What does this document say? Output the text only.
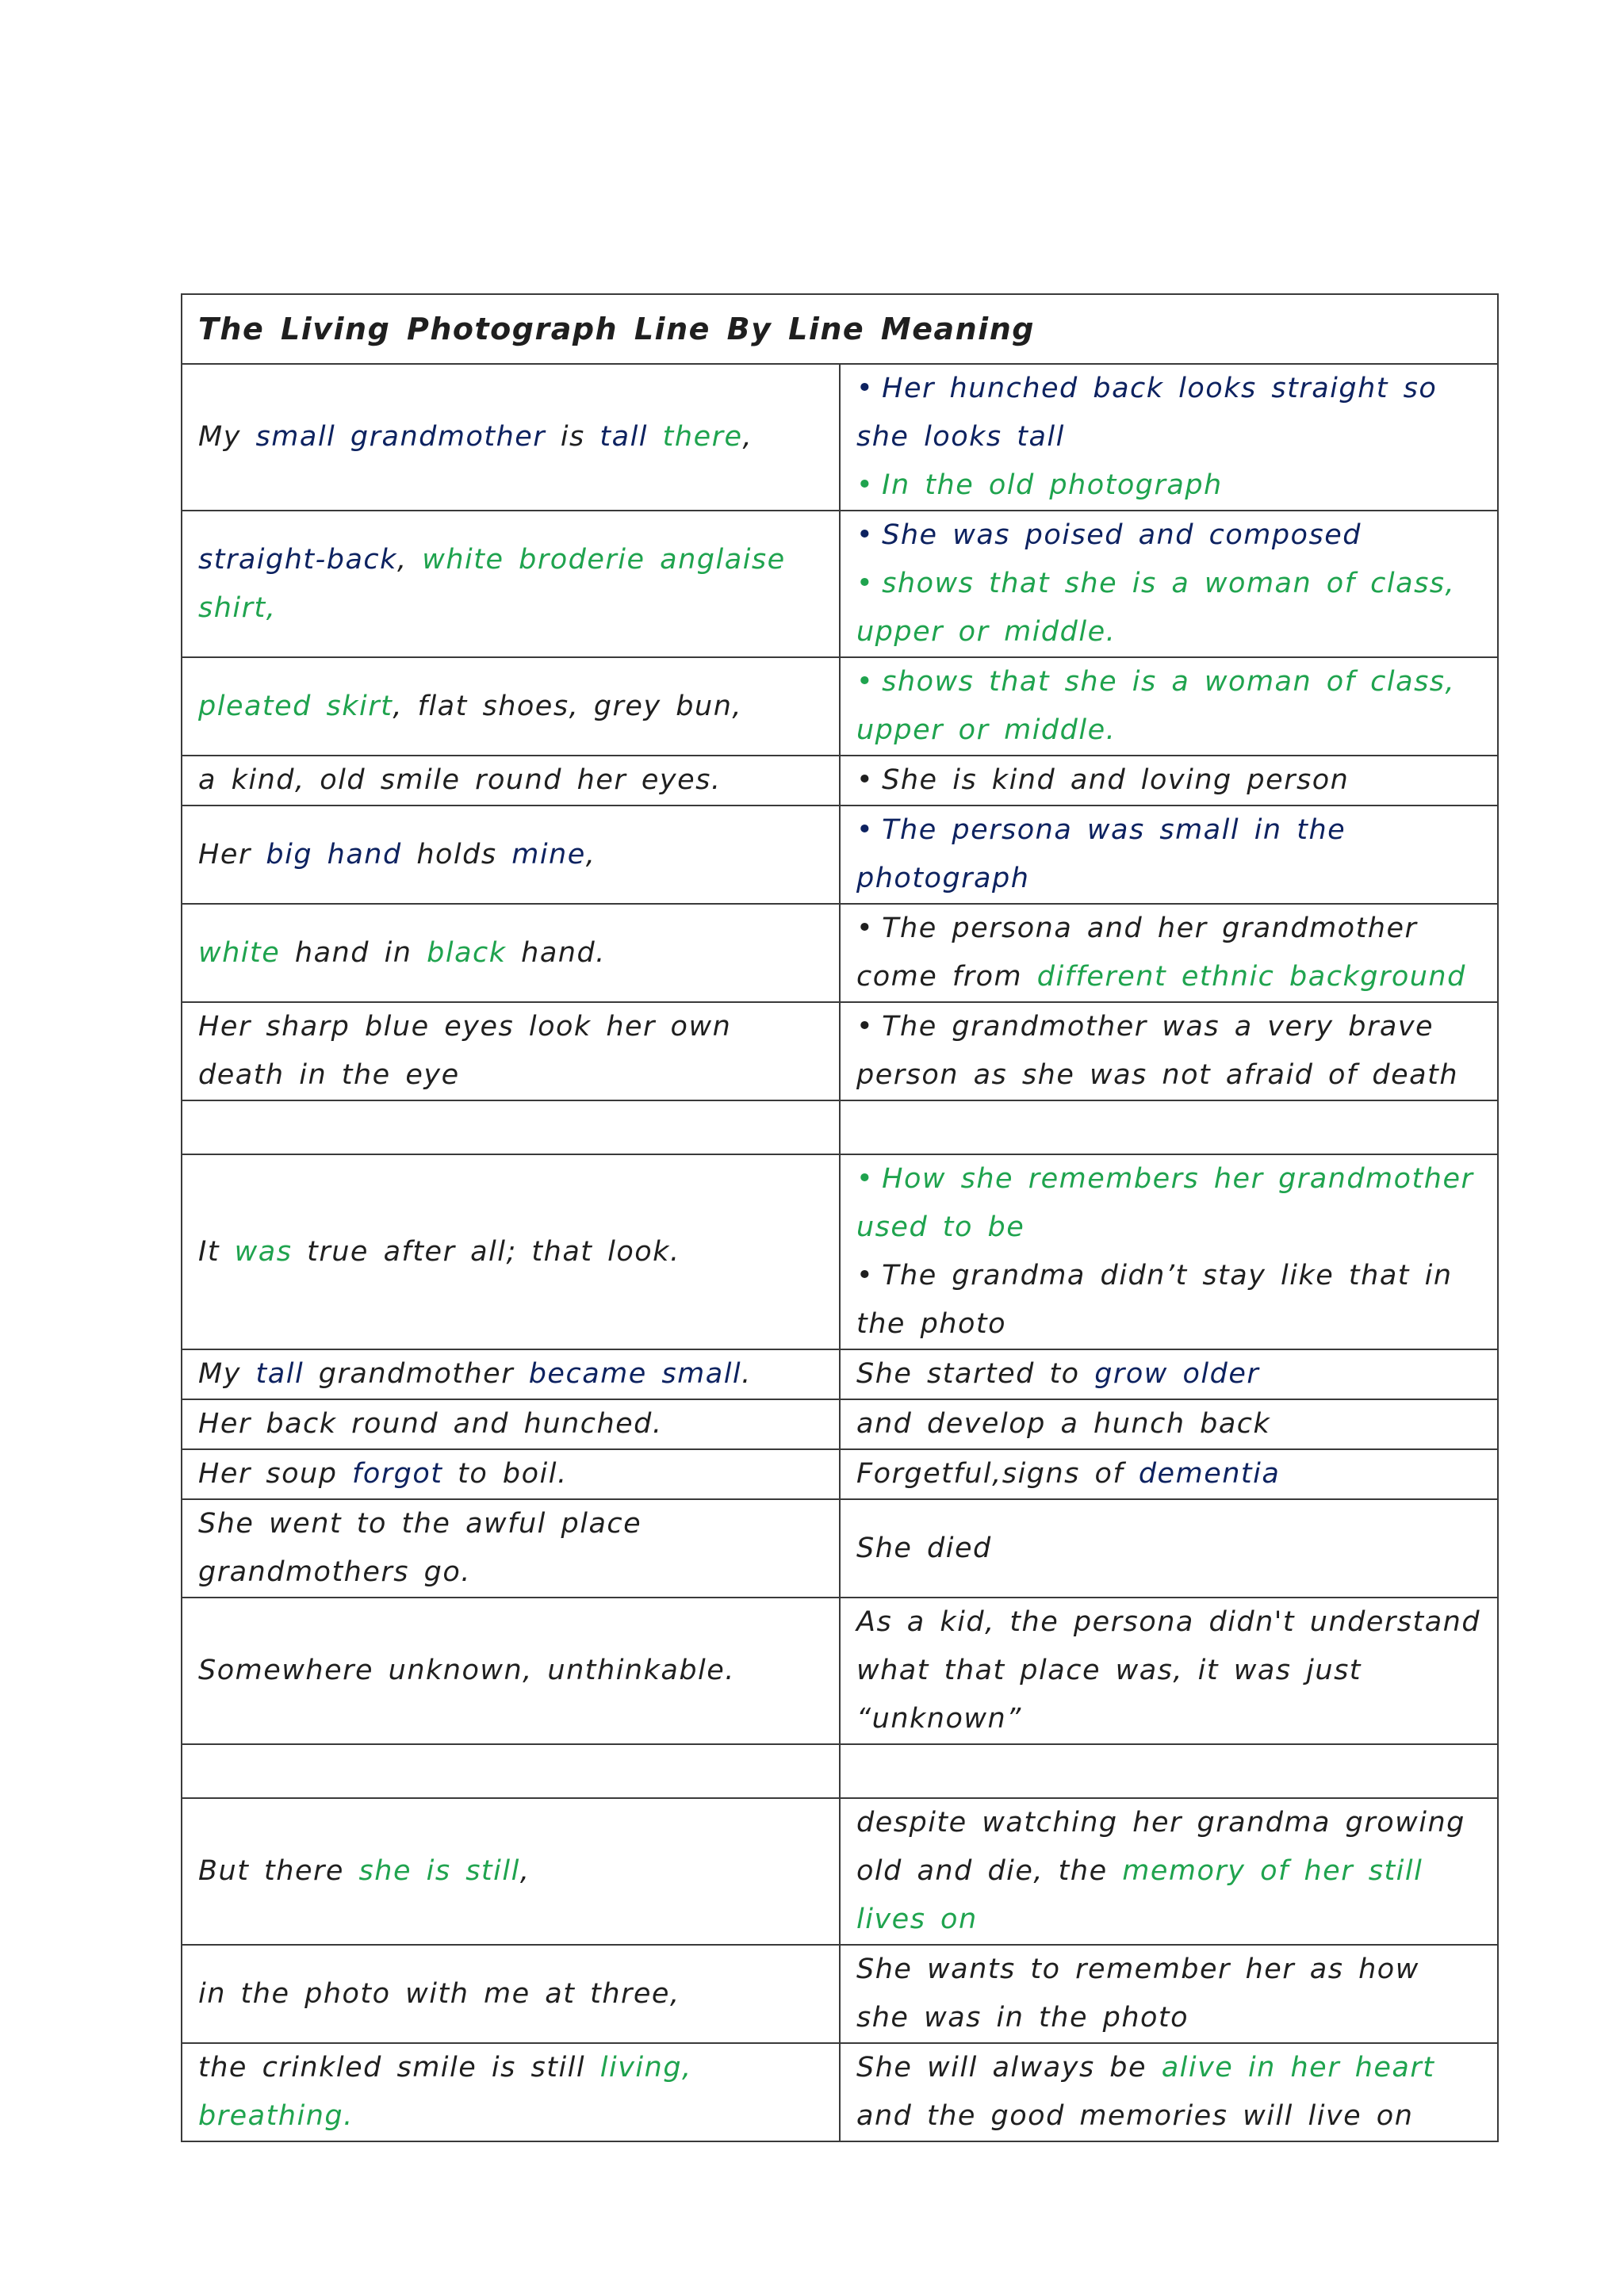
The Living Photograph Line By Line Meaning	
My small grandmother is tall there,	• Her hunched back looks straight so she looks tall
• In the old photograph

straight-back, white broderie anglaise shirt,	• She was poised and composed
• shows that she is a woman of class, upper or middle.

pleated skirt, flat shoes, grey bun,	• shows that she is a woman of class, upper or middle.

a kind, old smile round her eyes.	• She is kind and loving person

Her big hand holds mine,	• The persona was small in the photograph

white hand in black hand.	• The persona and her grandmother come from different ethnic background

Her sharp blue eyes look her own death in the eye	• The grandmother was a very brave person as she was not afraid of death

It was true after all; that look.	• How she remembers her grandmother used to be
• The grandma didn’t stay like that in the photo

My tall grandmother became small.	She started to grow older

Her back round and hunched.	and develop a hunch back

Her soup forgot to boil.	Forgetful,signs of dementia

She went to the awful place grandmothers go.	She died

Somewhere unknown, unthinkable.	As a kid, the persona didn't understand what that place was, it was just “unknown”

But there she is still,	despite watching her grandma growing old and die, the memory of her still lives on

in the photo with me at three,	She wants to remember her as how she was in the photo

the crinkled smile is still living, breathing.	She will always be alive in her heart and the good memories will live on
